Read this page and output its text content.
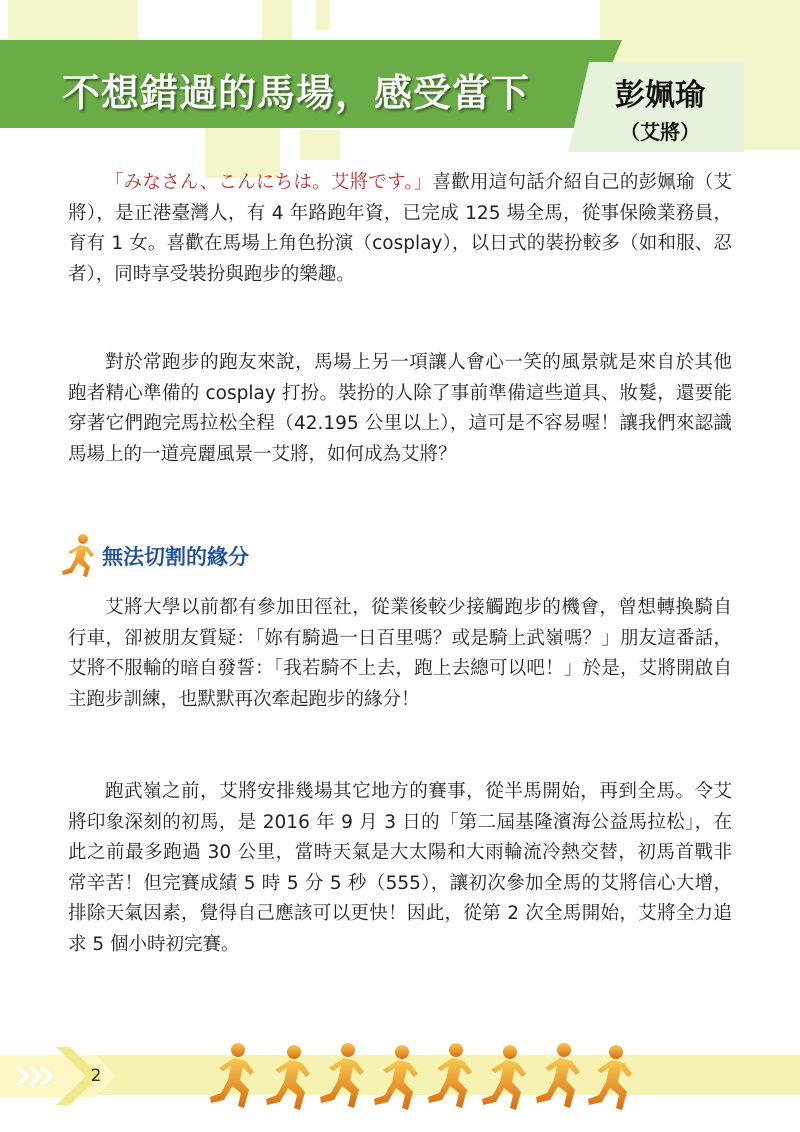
不想錯過的馬場，感受當下	彭姵瑜
（艾將）

「みなさん、こんにちは。艾將です。」喜歡用這句話介紹自己的彭姵瑜（艾將），是正港臺灣人，有 4 年路跑年資，已完成 125 場全馬，從事保險業務員，育有 1 女。喜歡在馬場上角色扮演（cosplay），以日式的裝扮較多（如和服、忍者），同時享受裝扮與跑步的樂趣。

對於常跑步的跑友來說，馬場上另一項讓人會心一笑的風景就是來自於其他跑者精心準備的 cosplay 打扮。裝扮的人除了事前準備這些道具、妝髮，還要能穿著它們跑完馬拉松全程（42.195 公里以上），這可是不容易喔！讓我們來認識馬場上的一道亮麗風景一艾將，如何成為艾將？

無法切割的緣分

艾將大學以前都有參加田徑社，從業後較少接觸跑步的機會，曾想轉換騎自行車，卻被朋友質疑：「妳有騎過一日百里嗎？或是騎上武嶺嗎？」朋友這番話，艾將不服輸的暗自發誓：「我若騎不上去，跑上去總可以吧！」於是，艾將開啟自主跑步訓練，也默默再次牽起跑步的緣分！

跑武嶺之前，艾將安排幾場其它地方的賽事，從半馬開始，再到全馬。令艾將印象深刻的初馬，是 2016 年 9 月 3 日的「第二屆基隆濱海公益馬拉松」，在此之前最多跑過 30 公里，當時天氣是大太陽和大雨輪流冷熱交替，初馬首戰非常辛苦！但完賽成績 5 時 5 分 5 秒（555），讓初次參加全馬的艾將信心大增，排除天氣因素，覺得自己應該可以更快！因此，從第 2 次全馬開始，艾將全力追求 5 個小時初完賽。

2
